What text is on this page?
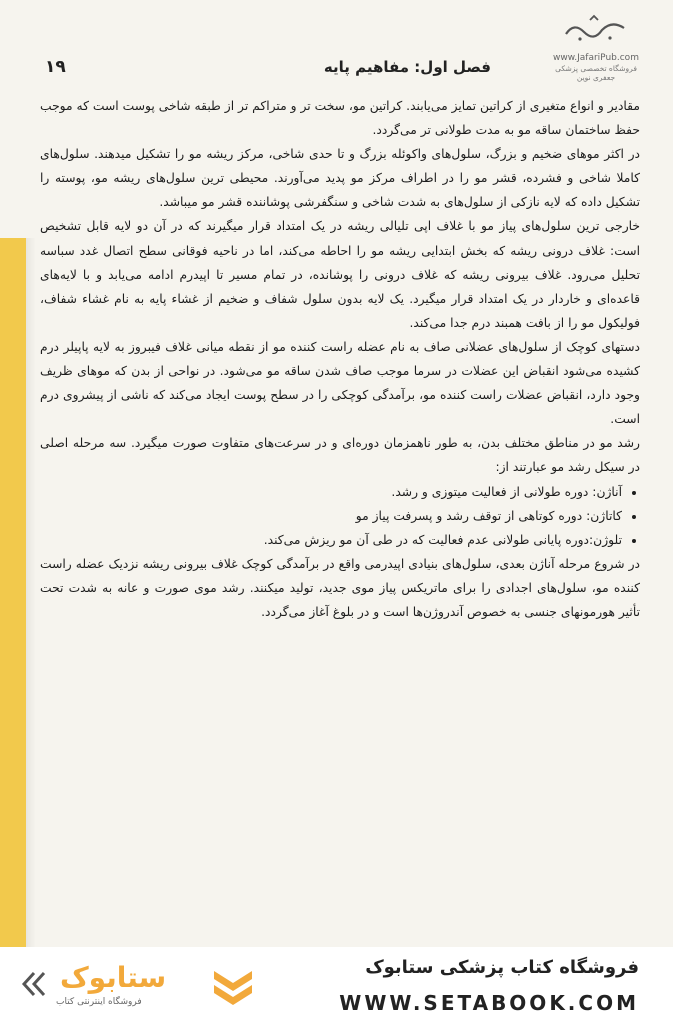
www.JafariPub.com
فروشگاه تخصصی پزشکی جعفری نوین
فصل اول: مفاهیم پایه
۱۹

مقادیر و انواع متغیری از کراتین تمایز می‌یابند. کراتین مو، سخت تر و متراکم تر از طبقه شاخی پوست است که موجب حفظ ساختمان ساقه مو به مدت طولانی تر می‌گردد.

در اکثر موهای ضخیم و بزرگ، سلول‌های واکوئله بزرگ و تا حدی شاخی، مرکز ریشه مو را تشکیل میدهند. سلول‌های کاملا شاخی و فشرده، قشر مو را در اطراف مرکز مو پدید می‌آورند. محیطی ترین سلول‌های ریشه مو، پوسته را تشکیل داده که لایه نازکی از سلول‌های به شدت شاخی و سنگفرشی پوشاننده قشر مو میباشد.

خارجی ترین سلول‌های پیاز مو با غلاف اپی تلیالی ریشه در یک امتداد قرار میگیرند که در آن دو لایه قابل تشخیص است: غلاف درونی ریشه که بخش ابتدایی ریشه مو را احاطه می‌کند، اما در ناحیه فوقانی سطح اتصال غدد سباسه تحلیل می‌رود. غلاف بیرونی ریشه که غلاف درونی را پوشانده، در تمام مسیر تا اپیدرم ادامه می‌یابد و با لایه‌های قاعده‌ای و خاردار در یک امتداد قرار میگیرد. یک لایه بدون سلول شفاف و ضخیم از غشاء پایه به نام غشاء شفاف، فولیکول مو را از بافت همبند درم جدا می‌کند.

دستهای کوچک از سلول‌های عضلانی صاف به نام عضله راست کننده مو از نقطه میانی غلاف فیبروز به لایه پاپیلر درم کشیده می‌شود انقباض این عضلات در سرما موجب صاف شدن ساقه مو می‌شود. در نواحی از بدن که موهای ظریف وجود دارد، انقباض عضلات راست کننده مو، برآمدگی کوچکی را در سطح پوست ایجاد می‌کند که ناشی از پیشروی درم است.

رشد مو در مناطق مختلف بدن، به طور ناهمزمان دوره‌ای و در سرعت‌های متفاوت صورت میگیرد. سه مرحله اصلی در سیکل رشد مو عبارتند از:

• آناژن: دوره طولانی از فعالیت میتوزی و رشد.
• کاتاژن: دوره کوتاهی از توقف رشد و پسرفت پیاز مو
• تلوژن:دوره پایانی طولانی عدم فعالیت که در طی آن مو ریزش می‌کند.

در شروع مرحله آناژن بعدی، سلول‌های بنیادی اپیدرمی واقع در برآمدگی کوچک غلاف بیرونی ریشه نزدیک عضله راست کننده مو، سلول‌های اجدادی را برای ماتریکس پیاز موی جدید، تولید میکنند. رشد موی صورت و عانه به شدت تحت تأثیر هورمونهای جنسی به خصوص آندروژن‌ها است و در بلوغ آغاز می‌گردد.

فروشگاه کتاب پزشکی ستابوک
WWW.SETABOOK.COM
ستابوک
فروشگاه اینترنتی کتاب
